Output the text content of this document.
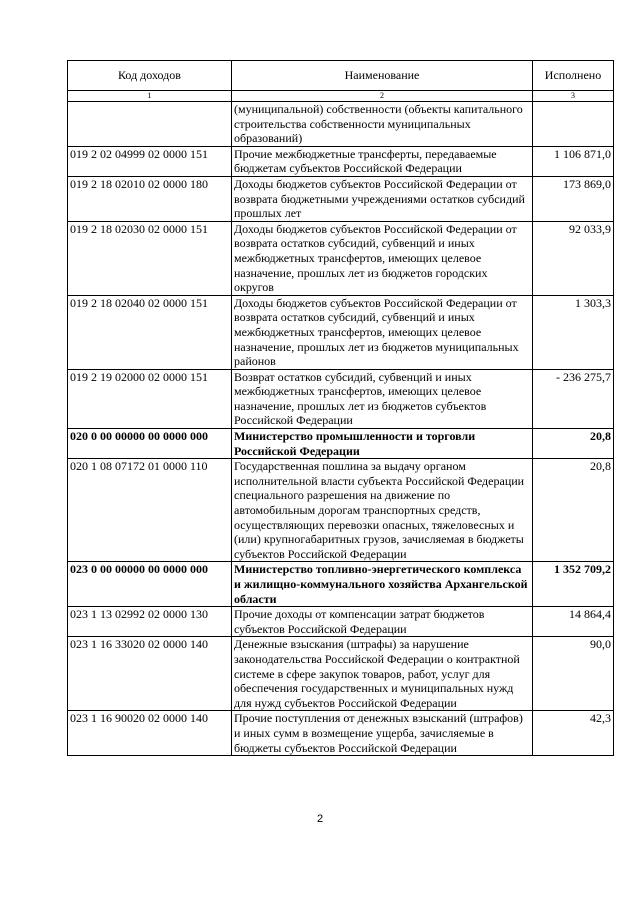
Код доходов	Наименование	Исполнено
1	2	3
	(муниципальной) собственности (объекты капитального строительства собственности муниципальных образований)	
019 2 02 04999 02 0000 151	Прочие межбюджетные трансферты, передаваемые бюджетам субъектов Российской Федерации	1 106 871,0
019 2 18 02010 02 0000 180	Доходы бюджетов субъектов Российской Федерации от возврата бюджетными учреждениями остатков субсидий прошлых лет	173 869,0
019 2 18 02030 02 0000 151	Доходы бюджетов субъектов Российской Федерации от возврата остатков субсидий, субвенций и иных межбюджетных трансфертов, имеющих целевое назначение, прошлых лет из бюджетов городских округов	92 033,9
019 2 18 02040 02 0000 151	Доходы бюджетов субъектов Российской Федерации от возврата остатков субсидий, субвенций и иных межбюджетных трансфертов, имеющих целевое назначение, прошлых лет из бюджетов муниципальных районов	1 303,3
019 2 19 02000 02 0000 151	Возврат остатков субсидий, субвенций и иных межбюджетных трансфертов, имеющих целевое назначение, прошлых лет из бюджетов субъектов Российской Федерации	- 236 275,7
020 0 00 00000 00 0000 000	Министерство промышленности и торговли Российской Федерации	20,8
020 1 08 07172 01 0000 110	Государственная пошлина за выдачу органом исполнительной власти субъекта Российской Федерации специального разрешения на движение по автомобильным дорогам транспортных средств, осуществляющих перевозки опасных, тяжеловесных и (или) крупногабаритных грузов, зачисляемая в бюджеты субъектов Российской Федерации	20,8
023 0 00 00000 00 0000 000	Министерство топливно-энергетического комплекса и жилищно-коммунального хозяйства Архангельской области	1 352 709,2
023 1 13 02992 02 0000 130	Прочие доходы от компенсации затрат бюджетов субъектов Российской Федерации	14 864,4
023 1 16 33020 02 0000 140	Денежные взыскания (штрафы) за нарушение законодательства Российской Федерации о контрактной системе в сфере закупок товаров, работ, услуг для обеспечения государственных и муниципальных нужд для нужд субъектов Российской Федерации	90,0
023 1 16 90020 02 0000 140	Прочие поступления от денежных взысканий (штрафов) и иных сумм в возмещение ущерба, зачисляемые в бюджеты субъектов Российской Федерации	42,3
2
